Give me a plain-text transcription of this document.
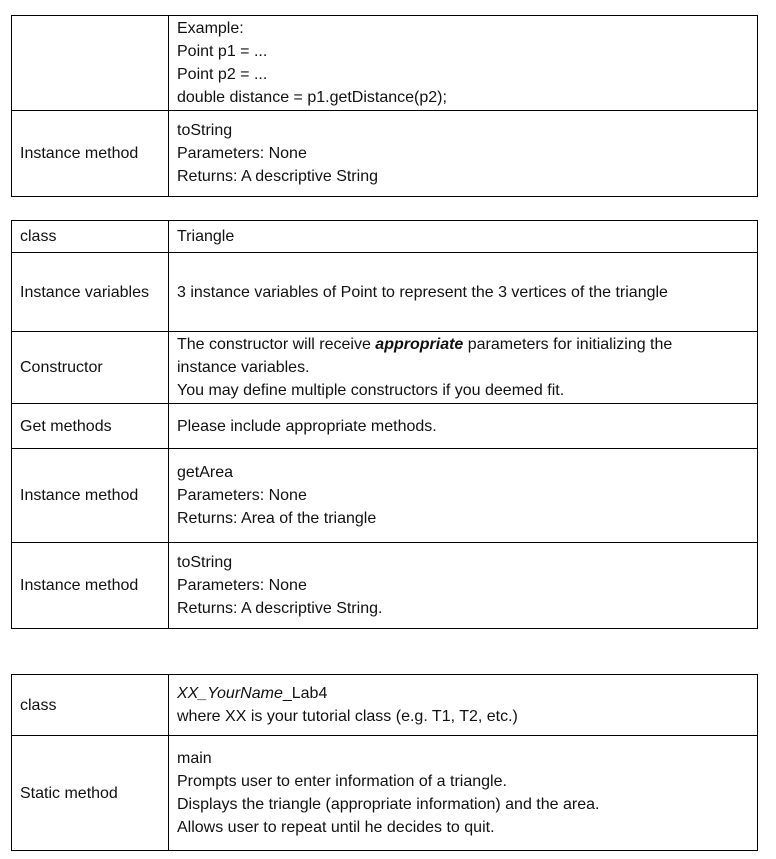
	Example:
Point p1 = ...
Point p2 = ...
double distance = p1.getDistance(p2);

Instance method	toString
Parameters: None
Returns: A descriptive String
class	Triangle

Instance variables	3 instance variables of Point to represent the 3 vertices of the triangle

Constructor	The constructor will receive appropriate parameters for initializing the
instance variables.
You may define multiple constructors if you deemed fit.

Get methods	Please include appropriate methods.

Instance method	getArea
Parameters: None
Returns: Area of the triangle

Instance method	toString
Parameters: None
Returns: A descriptive String.
class	XX_YourName_Lab4
where XX is your tutorial class (e.g. T1, T2, etc.)

Static method	main
Prompts user to enter information of a triangle.
Displays the triangle (appropriate information) and the area.
Allows user to repeat until he decides to quit.
